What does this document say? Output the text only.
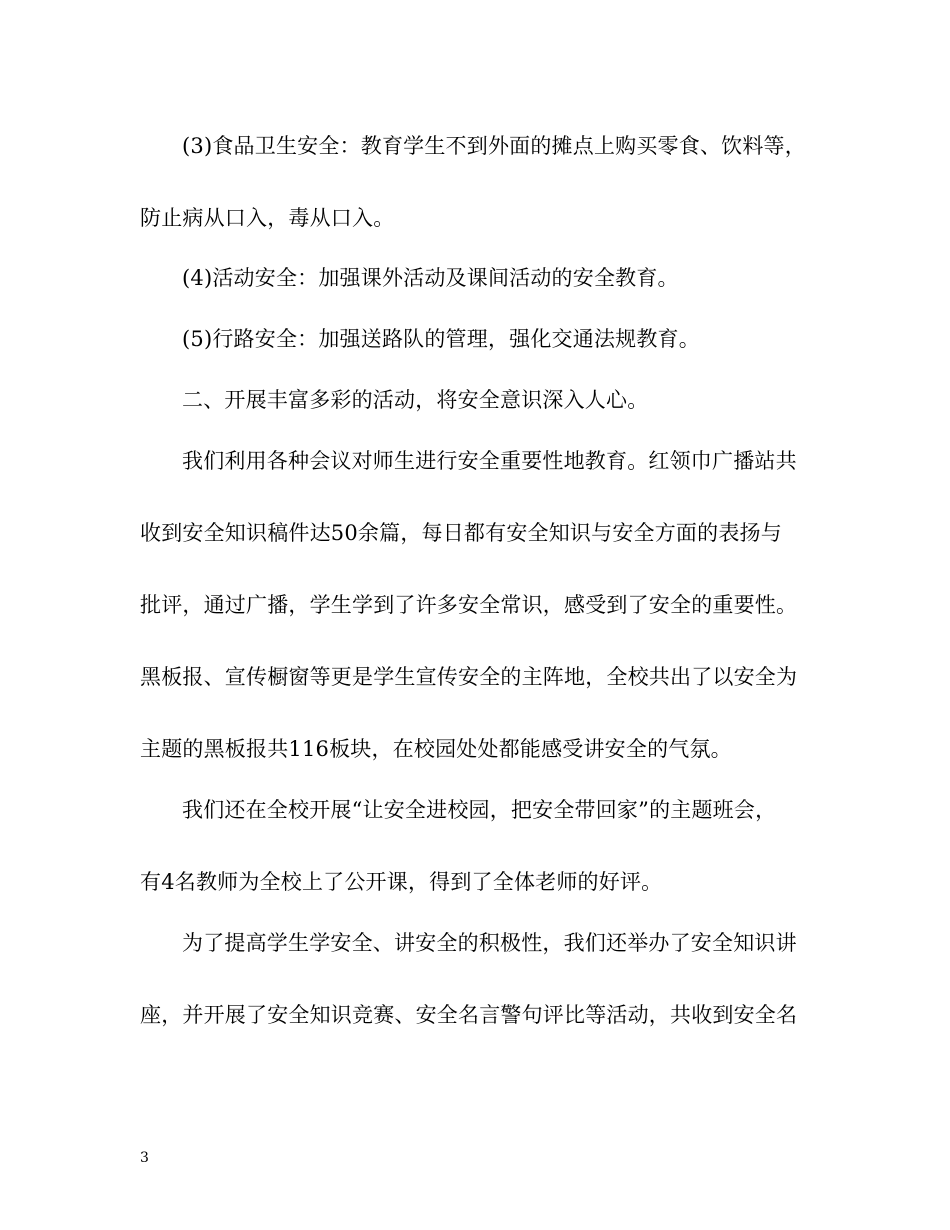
(3)食品卫生安全：教育学生不到外面的摊点上购买零食、饮料等，
防止病从口入，毒从口入。
(4)活动安全：加强课外活动及课间活动的安全教育。
(5)行路安全：加强送路队的管理，强化交通法规教育。
二、开展丰富多彩的活动，将安全意识深入人心。
我们利用各种会议对师生进行安全重要性地教育。红领巾广播站共
收到安全知识稿件达50余篇，每日都有安全知识与安全方面的表扬与
批评，通过广播，学生学到了许多安全常识，感受到了安全的重要性。
黑板报、宣传橱窗等更是学生宣传安全的主阵地，全校共出了以安全为
主题的黑板报共116板块，在校园处处都能感受讲安全的气氛。
我们还在全校开展“让安全进校园，把安全带回家”的主题班会，
有4名教师为全校上了公开课，得到了全体老师的好评。
为了提高学生学安全、讲安全的积极性，我们还举办了安全知识讲
座，并开展了安全知识竞赛、安全名言警句评比等活动，共收到安全名
3
